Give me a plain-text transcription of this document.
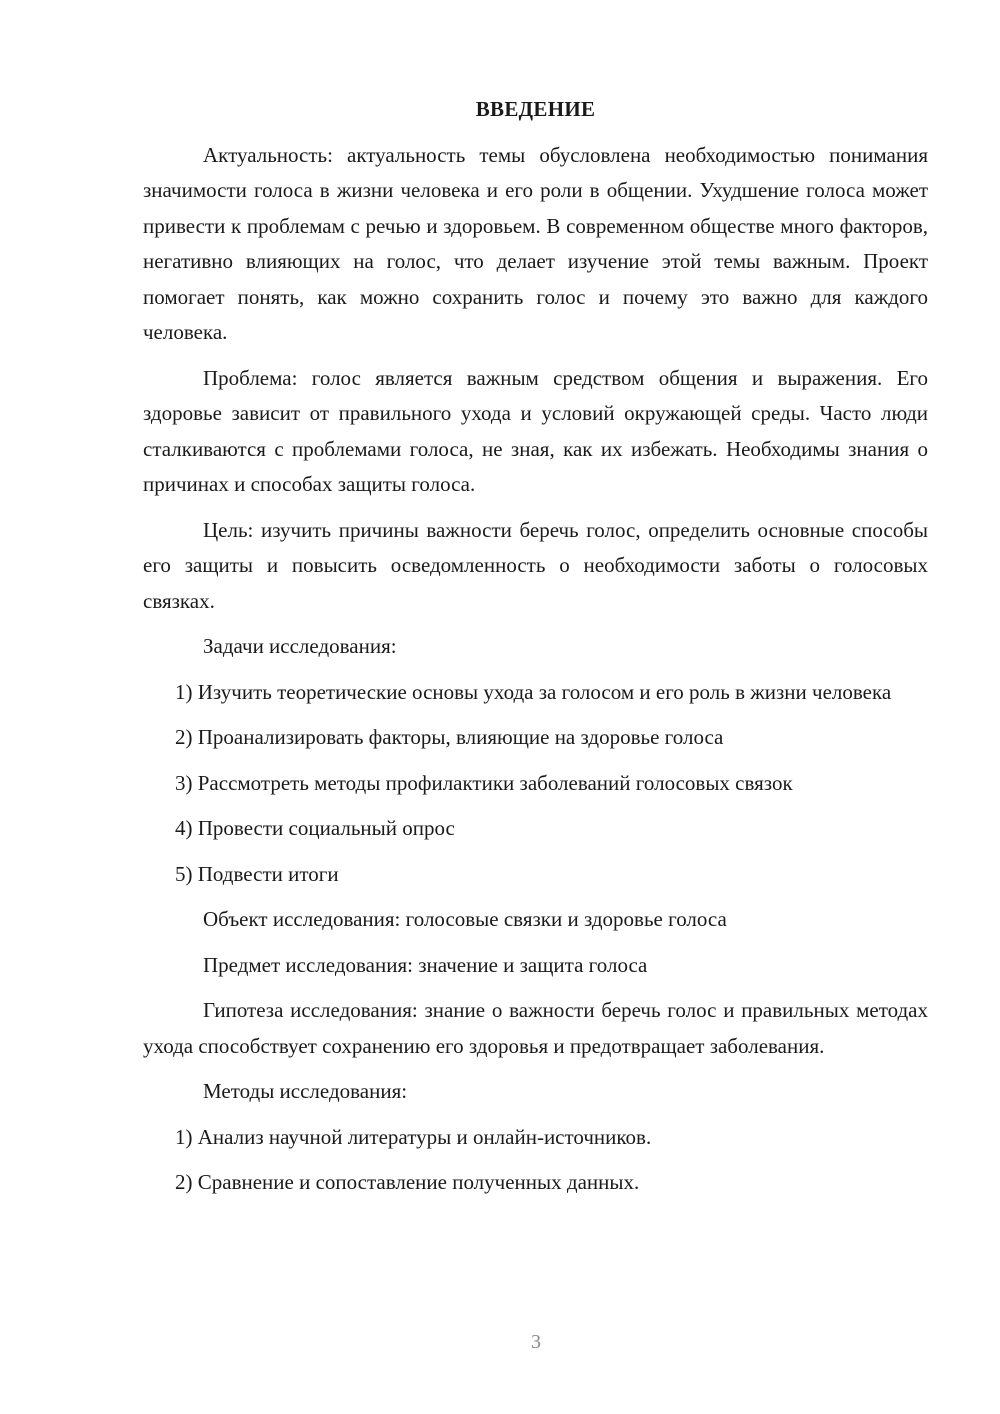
ВВЕДЕНИЕ

Актуальность: актуальность темы обусловлена необходимостью понимания значимости голоса в жизни человека и его роли в общении. Ухудшение голоса может привести к проблемам с речью и здоровьем. В современном обществе много факторов, негативно влияющих на голос, что делает изучение этой темы важным. Проект помогает понять, как можно сохранить голос и почему это важно для каждого человека.

Проблема: голос является важным средством общения и выражения. Его здоровье зависит от правильного ухода и условий окружающей среды. Часто люди сталкиваются с проблемами голоса, не зная, как их избежать. Необходимы знания о причинах и способах защиты голоса.

Цель: изучить причины важности беречь голос, определить основные способы его защиты и повысить осведомленность о необходимости заботы о голосовых связках.

Задачи исследования:

1) Изучить теоретические основы ухода за голосом и его роль в жизни человека

2) Проанализировать факторы, влияющие на здоровье голоса

3) Рассмотреть методы профилактики заболеваний голосовых связок

4) Провести социальный опрос

5) Подвести итоги

Объект исследования: голосовые связки и здоровье голоса

Предмет исследования: значение и защита голоса

Гипотеза исследования: знание о важности беречь голос и правильных методах ухода способствует сохранению его здоровья и предотвращает заболевания.

Методы исследования:

1) Анализ научной литературы и онлайн-источников.

2) Сравнение и сопоставление полученных данных.

3
